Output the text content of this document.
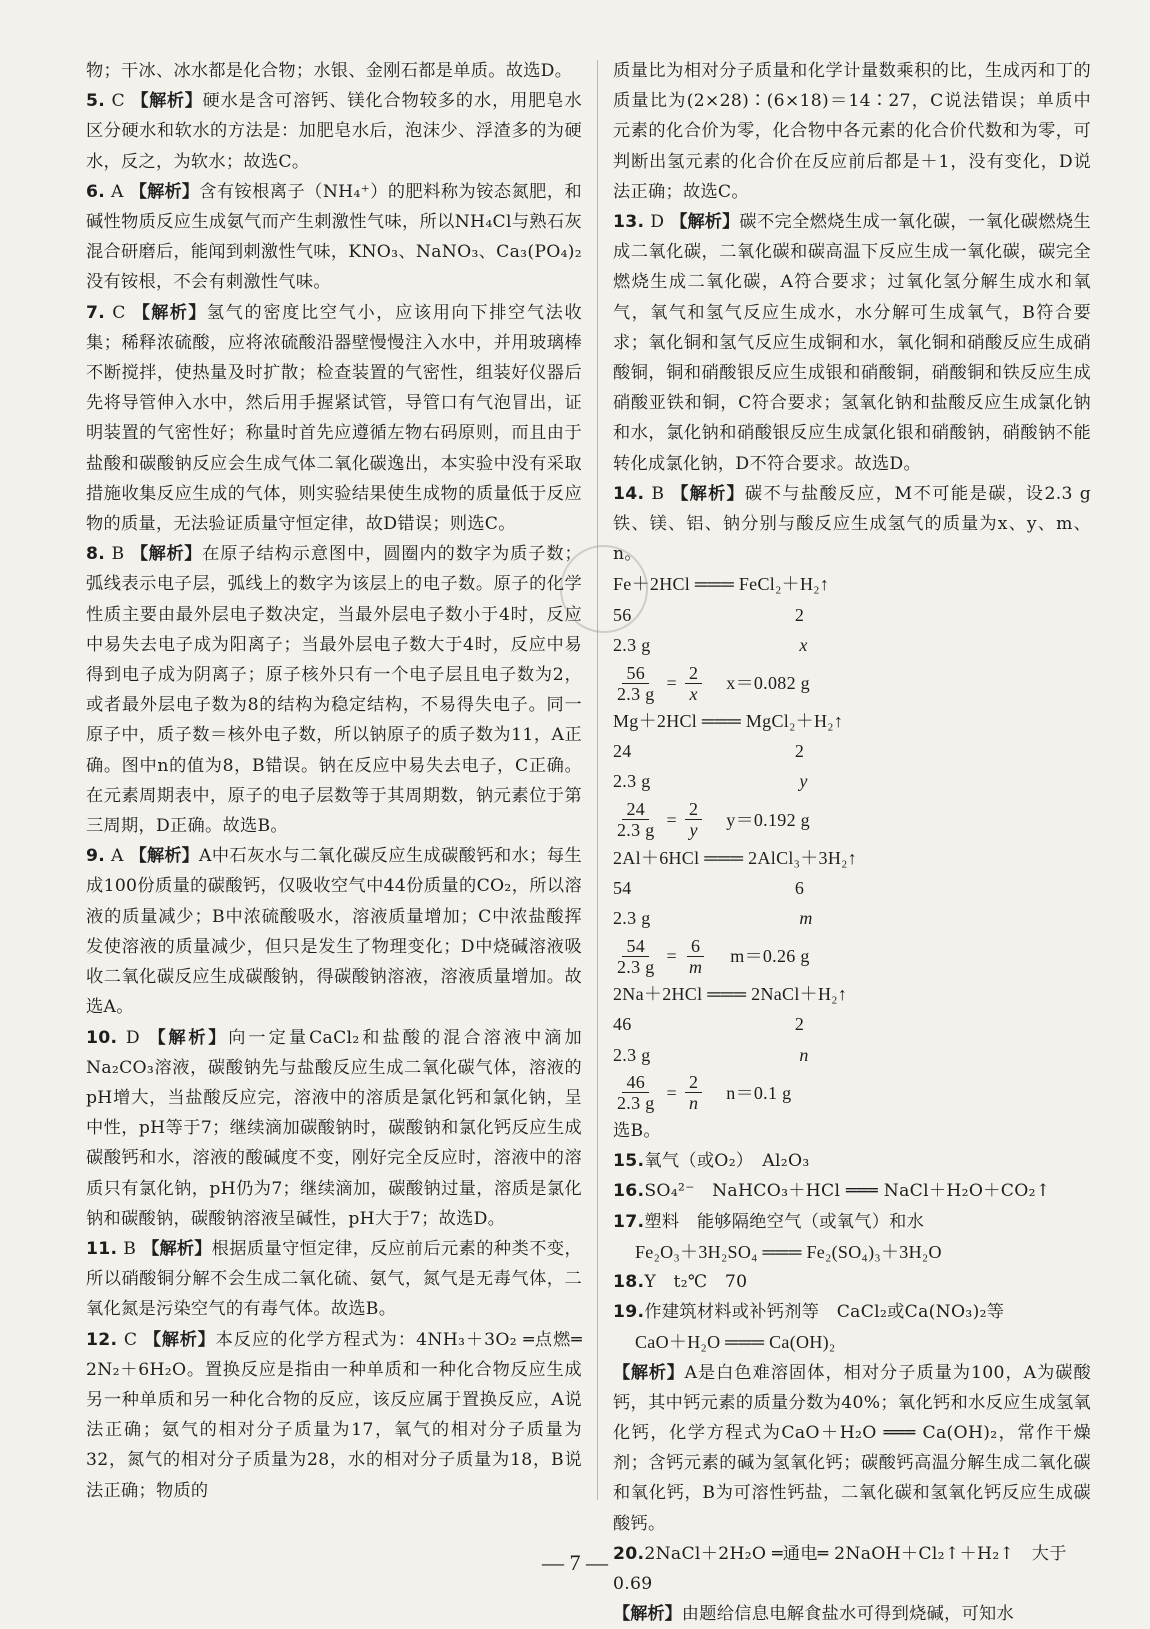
物；干冰、冰水都是化合物；水银、金刚石都是单质。故选D。

5. C 【解析】硬水是含可溶钙、镁化合物较多的水，用肥皂水区分硬水和软水的方法是：加肥皂水后，泡沫少、浮渣多的为硬水，反之，为软水；故选C。

6. A 【解析】含有铵根离子（NH₄⁺）的肥料称为铵态氮肥，和碱性物质反应生成氨气而产生刺激性气味，所以NH₄Cl与熟石灰混合研磨后，能闻到刺激性气味，KNO₃、NaNO₃、Ca₃(PO₄)₂没有铵根，不会有刺激性气味。

7. C 【解析】氢气的密度比空气小，应该用向下排空气法收集；稀释浓硫酸，应将浓硫酸沿器壁慢慢注入水中，并用玻璃棒不断搅拌，使热量及时扩散；检查装置的气密性，组装好仪器后先将导管伸入水中，然后用手握紧试管，导管口有气泡冒出，证明装置的气密性好；称量时首先应遵循左物右码原则，而且由于盐酸和碳酸钠反应会生成气体二氧化碳逸出，本实验中没有采取措施收集反应生成的气体，则实验结果使生成物的质量低于反应物的质量，无法验证质量守恒定律，故D错误；则选C。

8. B 【解析】在原子结构示意图中，圆圈内的数字为质子数；弧线表示电子层，弧线上的数字为该层上的电子数。原子的化学性质主要由最外层电子数决定，当最外层电子数小于4时，反应中易失去电子成为阳离子；当最外层电子数大于4时，反应中易得到电子成为阴离子；原子核外只有一个电子层且电子数为2，或者最外层电子数为8的结构为稳定结构，不易得失电子。同一原子中，质子数＝核外电子数，所以钠原子的质子数为11，A正确。图中n的值为8，B错误。钠在反应中易失去电子，C正确。在元素周期表中，原子的电子层数等于其周期数，钠元素位于第三周期，D正确。故选B。

9. A 【解析】A中石灰水与二氧化碳反应生成碳酸钙和水；每生成100份质量的碳酸钙，仅吸收空气中44份质量的CO₂，所以溶液的质量减少；B中浓硫酸吸水，溶液质量增加；C中浓盐酸挥发使溶液的质量减少，但只是发生了物理变化；D中烧碱溶液吸收二氧化碳反应生成碳酸钠，得碳酸钠溶液，溶液质量增加。故选A。

10. D 【解析】向一定量CaCl₂和盐酸的混合溶液中滴加Na₂CO₃溶液，碳酸钠先与盐酸反应生成二氧化碳气体，溶液的pH增大，当盐酸反应完，溶液中的溶质是氯化钙和氯化钠，呈中性，pH等于7；继续滴加碳酸钠时，碳酸钠和氯化钙反应生成碳酸钙和水，溶液的酸碱度不变，刚好完全反应时，溶液中的溶质只有氯化钠，pH仍为7；继续滴加，碳酸钠过量，溶质是氯化钠和碳酸钠，碳酸钠溶液呈碱性，pH大于7；故选D。

11. B 【解析】根据质量守恒定律，反应前后元素的种类不变，所以硝酸铜分解不会生成二氧化硫、氨气，氮气是无毒气体，二氧化氮是污染空气的有毒气体。故选B。

12. C 【解析】本反应的化学方程式为：4NH₃＋3O₂ ═点燃═ 2N₂＋6H₂O。置换反应是指由一种单质和一种化合物反应生成另一种单质和另一种化合物的反应，该反应属于置换反应，A说法正确；氨气的相对分子质量为17，氧气的相对分子质量为32，氮气的相对分子质量为28，水的相对分子质量为18，B说法正确；物质的

质量比为相对分子质量和化学计量数乘积的比，生成丙和丁的质量比为(2×28)∶(6×18)＝14∶27，C说法错误；单质中元素的化合价为零，化合物中各元素的化合价代数和为零，可判断出氢元素的化合价在反应前后都是＋1，没有变化，D说法正确；故选C。

13. D 【解析】碳不完全燃烧生成一氧化碳，一氧化碳燃烧生成二氧化碳，二氧化碳和碳高温下反应生成一氧化碳，碳完全燃烧生成二氧化碳，A符合要求；过氧化氢分解生成水和氧气，氧气和氢气反应生成水，水分解可生成氧气，B符合要求；氧化铜和氢气反应生成铜和水，氧化铜和硝酸反应生成硝酸铜，铜和硝酸银反应生成银和硝酸铜，硝酸铜和铁反应生成硝酸亚铁和铜，C符合要求；氢氧化钠和盐酸反应生成氯化钠和水，氯化钠和硝酸银反应生成氯化银和硝酸钠，硝酸钠不能转化成氯化钠，D不符合要求。故选D。

14. B 【解析】碳不与盐酸反应，M不可能是碳，设2.3 g铁、镁、铝、钠分别与酸反应生成氢气的质量为x、y、m、n。

Fe＋2HCl ═══ FeCl₂＋H₂↑

56	2

2.3 g	x

$\frac{56}{2.3 g} = \frac{2}{x} x=0.082$ g

Mg＋2HCl ═══ MgCl₂＋H₂↑

24	2

2.3 g	y

$\frac{24}{2.3 g} = \frac{2}{y} y=0.192$ g

2Al＋6HCl ═══ 2AlCl₃＋3H₂↑

54	6

2.3 g	m

$\frac{54}{2.3 g} = \frac{6}{m} m=0.26$ g

2Na＋2HCl ═══ 2NaCl＋H₂↑

46	2

2.3 g	n

$\frac{46}{2.3 g} = \frac{2}{n} n=0.1$ g

选B。

15.氧气（或O₂）　Al₂O₃

16.SO₄²⁻　NaHCO₃＋HCl ═══ NaCl＋H₂O＋CO₂↑

17.塑料　能够隔绝空气（或氧气）和水

Fe₂O₃＋3H₂SO₄ ═══ Fe₂(SO₄)₃＋3H₂O

18.Y　t₂℃　70

19.作建筑材料或补钙剂等　CaCl₂或Ca(NO₃)₂等

CaO＋H₂O ═══ Ca(OH)₂

【解析】A是白色难溶固体，相对分子质量为100，A为碳酸钙，其中钙元素的质量分数为40%；氧化钙和水反应生成氢氧化钙，化学方程式为CaO＋H₂O ═══ Ca(OH)₂，常作干燥剂；含钙元素的碱为氢氧化钙；碳酸钙高温分解生成二氧化碳和氧化钙，B为可溶性钙盐，二氧化碳和氢氧化钙反应生成碳酸钙。

20.2NaCl＋2H₂O ═通电═ 2NaOH＋Cl₂↑＋H₂↑　大于0.69

【解析】由题给信息电解食盐水可得到烧碱，可知水

— 7 —
